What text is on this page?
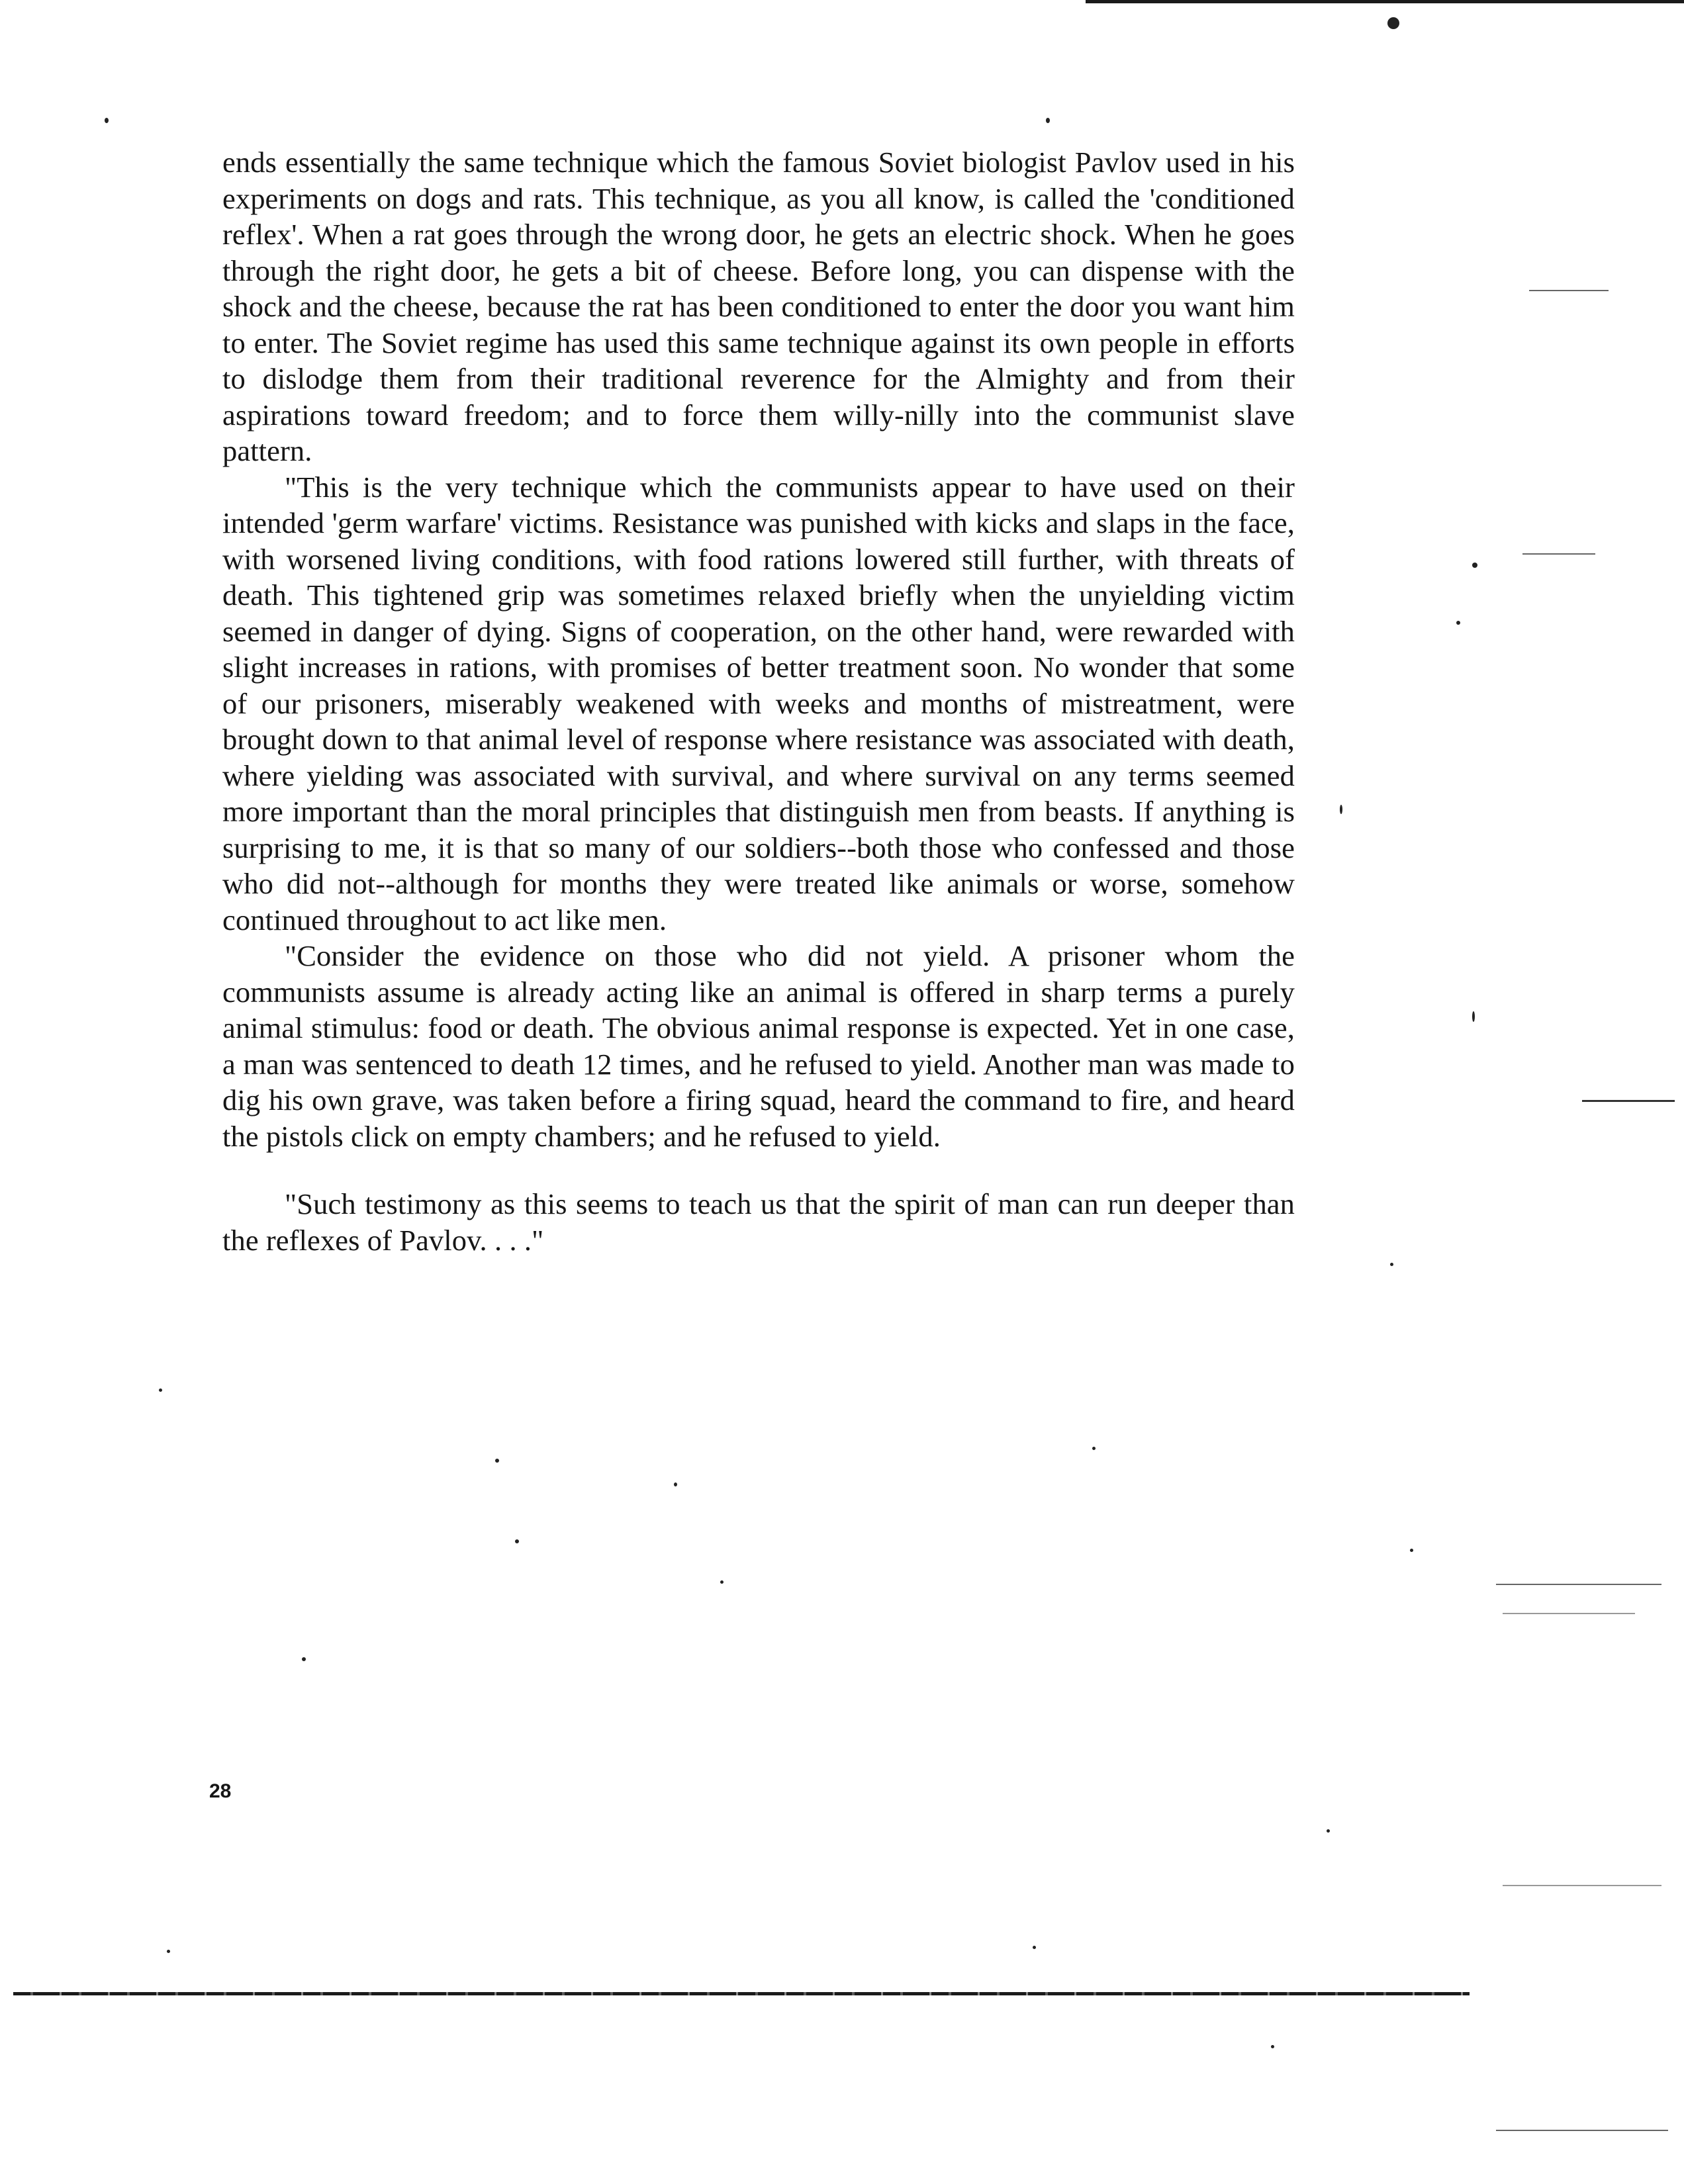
ends essentially the same technique which the famous Soviet biologist Pavlov used in his experiments on dogs and rats. This technique, as you all know, is called the 'conditioned reflex'. When a rat goes through the wrong door, he gets an electric shock. When he goes through the right door, he gets a bit of cheese. Before long, you can dispense with the shock and the cheese, because the rat has been conditioned to enter the door you want him to enter. The Soviet regime has used this same technique against its own people in efforts to dislodge them from their traditional reverence for the Almighty and from their aspirations toward freedom; and to force them willy-nilly into the communist slave pattern.

"This is the very technique which the communists appear to have used on their intended 'germ warfare' victims. Resistance was punished with kicks and slaps in the face, with worsened living conditions, with food rations lowered still further, with threats of death. This tightened grip was sometimes relaxed briefly when the unyielding victim seemed in danger of dying. Signs of cooperation, on the other hand, were rewarded with slight increases in rations, with promises of better treatment soon. No wonder that some of our prisoners, miserably weakened with weeks and months of mistreatment, were brought down to that animal level of response where resistance was associated with death, where yielding was associated with survival, and where survival on any terms seemed more important than the moral principles that distinguish men from beasts. If anything is surprising to me, it is that so many of our soldiers--both those who confessed and those who did not--although for months they were treated like animals or worse, somehow continued throughout to act like men.

"Consider the evidence on those who did not yield. A prisoner whom the communists assume is already acting like an animal is offered in sharp terms a purely animal stimulus: food or death. The obvious animal response is expected. Yet in one case, a man was sentenced to death 12 times, and he refused to yield. Another man was made to dig his own grave, was taken before a firing squad, heard the command to fire, and heard the pistols click on empty chambers; and he refused to yield.

"Such testimony as this seems to teach us that the spirit of man can run deeper than the reflexes of Pavlov. . . ."

28
